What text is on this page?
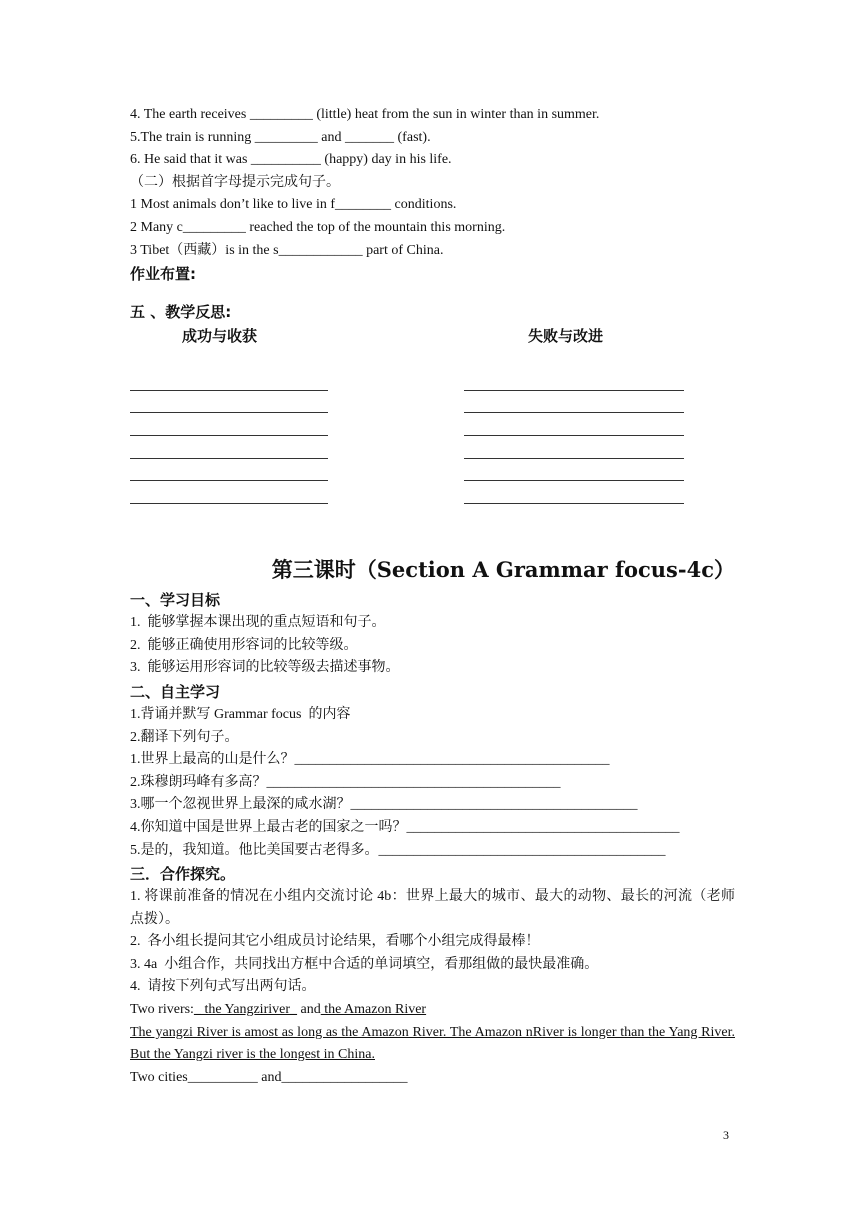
4. The earth receives _________ (little) heat from the sun in winter than in summer.
5.The train is running _________ and _______ (fast).
6. He said that it was __________ (happy) day in his life.
（二）根据首字母提示完成句子。
1 Most animals don’t like to live in f________ conditions.
2 Many c_________ reached the top of the mountain this morning.
3 Tibet（西藏）is in the s____________ part of China.
作业布置:
五 、教学反思:
成功与收获	失败与改进
第三课时（Section A Grammar focus-4c）
一、学习目标
1.  能够掌握本课出现的重点短语和句子。
2.  能够正确使用形容词的比较等级。
3.  能够运用形容词的比较等级去描述事物。
二、自主学习
1.背诵并默写 Grammar focus  的内容
2.翻译下列句子。
1.世界上最高的山是什么？_____________________________________________
2.珠穆朗玛峰有多高？__________________________________________
3.哪一个忽视世界上最深的咸水湖？_________________________________________
4.你知道中国是世界上最古老的国家之一吗？_______________________________________
5.是的，我知道。他比美国要古老得多。_________________________________________
三．合作探究。
1. 将课前准备的情况在小组内交流讨论 4b：世界上最大的城市、最大的动物、最长的河流（老师点拨）。
2.  各小组长提问其它小组成员讨论结果，看哪个小组完成得最棒！
3. 4a  小组合作，共同找出方框中合适的单词填空，看那组做的最快最准确。
4.  请按下列句式写出两句话。
Two rivers:_ the Yangziriver_ and the Amazon River
The yangzi River is amost as long as the Amazon River. The Amazon nRiver is longer than the Yang River. But the Yangzi river is the longest in China.
Two cities__________ and__________________
3
